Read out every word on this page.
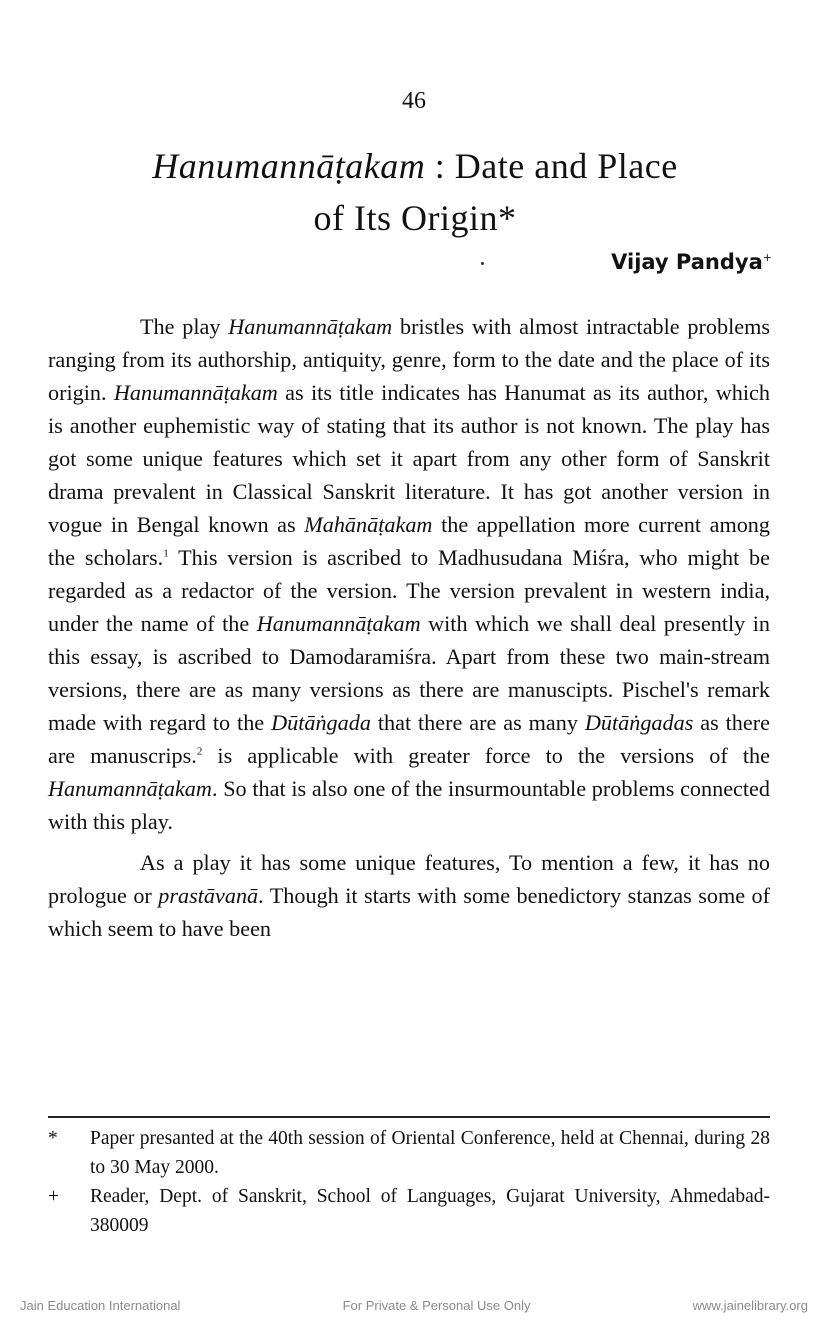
46
Hanumannāṭakam : Date and Place
of Its Origin*
Vijay Pandya+

The play Hanumannāṭakam bristles with almost intractable problems ranging from its authorship, antiquity, genre, form to the date and the place of its origin. Hanumannāṭakam as its title indicates has Hanumat as its author, which is another euphemistic way of stating that its author is not known. The play has got some unique features which set it apart from any other form of Sanskrit drama prevalent in Classical Sanskrit literature. It has got another version in vogue in Bengal known as Mahānāṭakam the appellation more current among the scholars.$^1$ This version is ascribed to Madhusudana Miśra, who might be regarded as a redactor of the version. The version prevalent in western india, under the name of the Hanumannāṭakam with which we shall deal presently in this essay, is ascribed to Damodaramiśra. Apart from these two main-stream versions, there are as many versions as there are manuscipts. Pischel's remark made with regard to the Dūtāṅgada that there are as many Dūtāṅgadas as there are manuscrips.$^2$ is applicable with greater force to the versions of the Hanumannāṭakam. So that is also one of the insurmountable problems connected with this play.

As a play it has some unique features, To mention a few, it has no prologue or prastāvanā. Though it starts with some benedictory stanzas some of which seem to have been

*	Paper presanted at the 40th session of Oriental Conference, held at Chennai, during 28 to 30 May 2000.
+	Reader, Dept. of Sanskrit, School of Languages, Gujarat University, Ahmedabad-380009
Jain Education International	For Private & Personal Use Only	www.jainelibrary.org
